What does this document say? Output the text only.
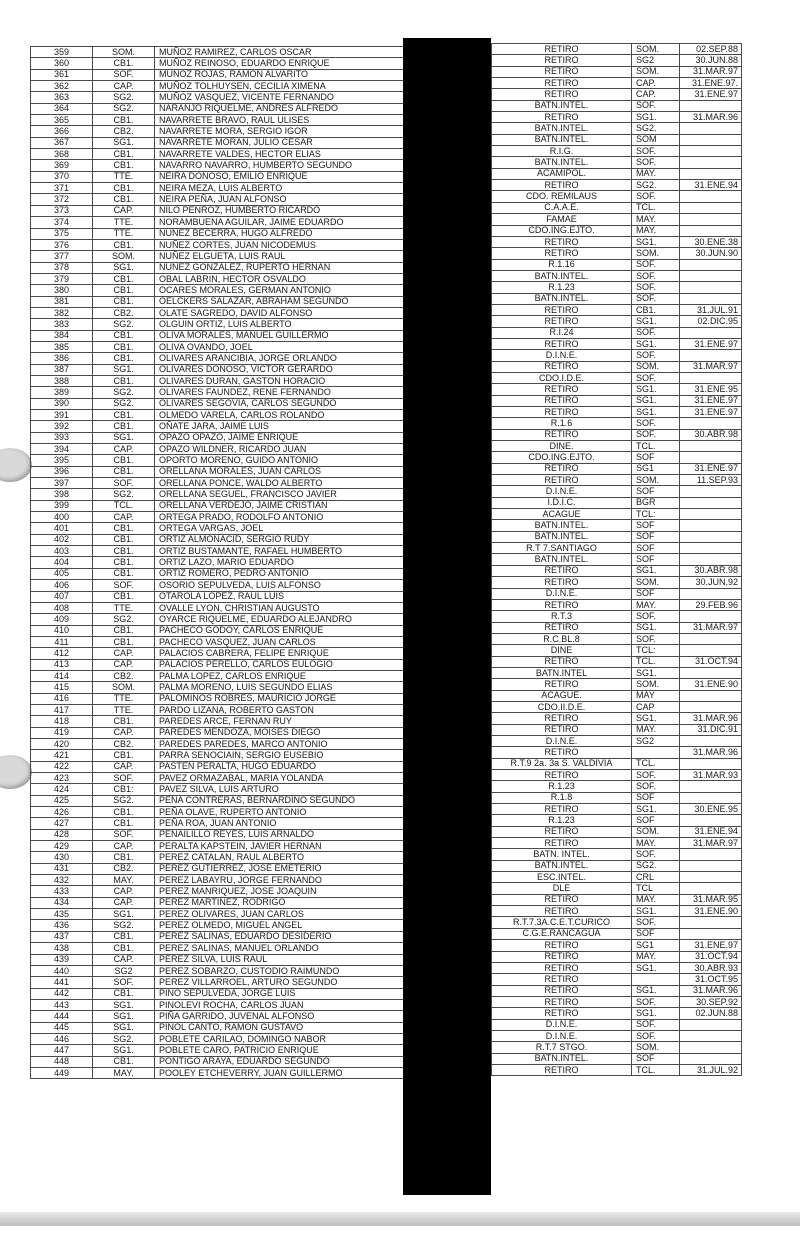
359	SOM.	MUÑOZ RAMIREZ, CARLOS OSCAR
360	CB1.	MUÑOZ REINOSO, EDUARDO ENRIQUE
361	SOF.	MUÑOZ ROJAS, RAMON ALVARITO
362	CAP.	MUÑOZ TOLHUYSEN, CECILIA XIMENA
363	SG2.	MUÑOZ VASQUEZ, VICENTE FERNANDO
364	SG2.	NARANJO RIQUELME, ANDRES ALFREDO
365	CB1.	NAVARRETE BRAVO, RAUL ULISES
366	CB2.	NAVARRETE MORA, SERGIO IGOR
367	SG1.	NAVARRETE MORAN, JULIO CESAR
368	CB1.	NAVARRETE VALDES, HECTOR ELIAS
369	CB1.	NAVARRO NAVARRO, HUMBERTO SEGUNDO
370	TTE.	NEIRA DONOSO, EMILIO ENRIQUE
371	CB1.	NEIRA MEZA, LUIS ALBERTO
372	CB1.	NEIRA PEÑA, JUAN ALFONSO
373	CAP.	NILO PENROZ, HUMBERTO RICARDO
374	TTE.	NORAMBUENA AGUILAR, JAIME EDUARDO
375	TTE.	NUÑEZ BECERRA, HUGO ALFREDO
376	CB1.	NUÑEZ CORTES, JUAN NICODEMUS
377	SOM.	NUÑEZ ELGUETA, LUIS RAUL
378	SG1.	NUÑEZ GONZALEZ, RUPERTO HERNAN
379	CB1.	OBAL LABRIN, HECTOR OSVALDO
380	CB1.	OCARES MORALES, GERMAN ANTONIO
381	CB1.	OELCKERS SALAZAR, ABRAHAM SEGUNDO
382	CB2.	OLATE SAGREDO, DAVID ALFONSO
383	SG2.	OLGUIN ORTIZ, LUIS ALBERTO
384	CB1.	OLIVA MORALES, MANUEL GUILLERMO
385	CB1.	OLIVA OVANDO, JOEL
386	CB1.	OLIVARES ARANCIBIA, JORGE ORLANDO
387	SG1.	OLIVARES DONOSO, VICTOR GERARDO
388	CB1.	OLIVARES DURAN, GASTON HORACIO
389	SG2.	OLIVARES FAUNDEZ, RENE FERNANDO
390	SG2.	OLIVARES SEGOVIA, CARLOS SEGUNDO
391	CB1.	OLMEDO VARELA, CARLOS ROLANDO
392	CB1.	OÑATE JARA, JAIME LUIS
393	SG1.	OPAZO OPAZO, JAIME ENRIQUE
394	CAP.	OPAZO WILDNER, RICARDO JUAN
395	CB1.	OPORTO MORENO, GUIDO ANTONIO
396	CB1.	ORELLANA MORALES, JUAN CARLOS
397	SOF.	ORELLANA PONCE, WALDO ALBERTO
398	SG2.	ORELLANA SEGUEL, FRANCISCO JAVIER
399	TCL.	ORELLANA VERDEJO, JAIME CRISTIAN
400	CAP.	ORTEGA PRADO, RODOLFO ANTONIO
401	CB1.	ORTEGA VARGAS, JOEL
402	CB1.	ORTIZ ALMONACID, SERGIO RUDY
403	CB1.	ORTIZ BUSTAMANTE, RAFAEL HUMBERTO
404	CB1.	ORTIZ LAZO, MARIO EDUARDO
405	CB1.	ORTIZ ROMERO, PEDRO ANTONIO
406	SOF.	OSORIO SEPULVEDA, LUIS ALFONSO
407	CB1.	OTAROLA LOPEZ, RAUL LUIS
408	TTE.	OVALLE LYON, CHRISTIAN AUGUSTO
409	SG2.	OYARCE RIQUELME, EDUARDO ALEJANDRO
410	CB1.	PACHECO GODOY, CARLOS ENRIQUE
411	CB1.	PACHECO VASQUEZ, JUAN CARLOS
412	CAP.	PALACIOS CABRERA, FELIPE ENRIQUE
413	CAP.	PALACIOS PERELLO, CARLOS EULOGIO
414	CB2.	PALMA LOPEZ, CARLOS ENRIQUE
415	SOM.	PALMA MORENO, LUIS SEGUNDO ELIAS
416	TTE.	PALOMINOS ROBRES, MAURICIO JORGE
417	TTE.	PARDO LIZANA, ROBERTO GASTON
418	CB1.	PAREDES ARCE, FERNAN RUY
419	CAP.	PAREDES MENDOZA, MOISES DIEGO
420	CB2.	PAREDES PAREDES, MARCO ANTONIO
421	CB1.	PARRA SENOCIAIN, SERGIO EUSEBIO
422	CAP.	PASTEN PERALTA, HUGO EDUARDO
423	SOF.	PAVEZ ORMAZABAL, MARIA YOLANDA
424	CB1:	PAVEZ SILVA, LUIS ARTURO
425	SG2.	PEÑA CONTRERAS, BERNARDINO SEGUNDO
426	CB1.	PEÑA OLAVE, RUPERTO ANTONIO
427	CB1.	PEÑA ROA, JUAN ANTONIO
428	SOF.	PEÑAILILLO REYES, LUIS ARNALDO
429	CAP.	PERALTA KAPSTEIN, JAVIER HERNAN
430	CB1.	PEREZ CATALAN, RAUL ALBERTO
431	CB2.	PEREZ GUTIERREZ, JOSE EMETERIO
432	MAY.	PEREZ LABAYRU, JORGE FERNANDO
433	CAP.	PEREZ MANRIQUEZ, JOSE JOAQUIN
434	CAP.	PEREZ MARTINEZ, RODRIGO
435	SG1.	PEREZ OLIVARES, JUAN CARLOS
436	SG2.	PEREZ OLMEDO, MIGUEL ANGEL
437	CB1.	PEREZ SALINAS, EDUARDO DESIDERIO
438	CB1.	PEREZ SALINAS, MANUEL ORLANDO
439	CAP.	PEREZ SILVA, LUIS RAUL
440	SG2	PEREZ SOBARZO, CUSTODIO RAIMUNDO
441	SOF.	PEREZ VILLARROEL, ARTURO SEGUNDO
442	CB1.	PINO SEPULVEDA, JORGE LUIS
443	SG1.	PINOLEVI ROCHA, CARLOS JUAN
444	SG1.	PIÑA GARRIDO, JUVENAL ALFONSO
445	SG1.	PIÑOL CANTO, RAMON GUSTAVO
446	SG2.	POBLETE CARILAO, DOMINGO NABOR
447	SG1.	POBLETE CARO, PATRICIO ENRIQUE
448	CB1.	PONTIGO ARAYA, EDUARDO SEGUNDO
449	MAY.	POOLEY ETCHEVERRY, JUAN GUILLERMO
RETIRO	SOM.	02.SEP.88
RETIRO	SG2	30.JUN.88
RETIRO	SOM.	31.MAR.97
RETIRO	CAP.	31.ENE.97.
RETIRO	CAP.	31.ENE.97
BATN.INTEL.	SOF.	
RETIRO	SG1.	31.MAR.96
BATN.INTEL.	SG2.	
BATN.INTEL.	SOM	
R.I.G.	SOF.	
BATN.INTEL.	SOF.	
ACAMIPOL.	MAY.	
RETIRO	SG2.	31.ENE.94
CDO. REMILAUS	SOF.	
C.A.A.E.	TCL.	
FAMAE	MAY.	
CDO.ING.EJTO.	MAY.	
RETIRO	SG1.	30.ENE.38
RETIRO	SOM.	30.JUN.90
R.1.16	SOF.	
BATN.INTEL.	SOF.	
R.1.23	SOF.	
BATN.INTEL.	SOF.	
RETIRO	CB1.	31.JUL.91
RETIRO	SG1.	02.DIC.95
R.I.24	SOF.	
RETIRO	SG1.	31.ENE.97
D.I.N.E.	SOF.	
RETIRO	SOM.	31.MAR.97
CDO.I.D.E.	SOF.	
RETIRO	SG1.	31.ENE.95
RETIRO	SG1.	31.ENE.97
RETIRO	SG1.	31.ENE.97
R.1.6	SOF.	
RETIRO	SOF.	30.ABR.98
DINE.	TCL.	
CDO.ING.EJTO.	SOF	
RETIRO	SG1	31.ENE.97
RETIRO	SOM.	11.SEP.93
D.I.N.E.	SOF	
I.D.I.C.	BGR	
ACAGUE	TCL:	
BATN.INTEL.	SOF	
BATN.INTEL.	SOF	
R.T 7.SANTIAGO	SOF	
BATN.INTEL.	SOF	
RETIRO	SG1.	30.ABR.98
RETIRO	SOM.	30.JUN.92
D.I.N.E.	SOF	
RETIRO	MAY.	29.FEB.96
R.T.3	SOF.	
RETIRO	SG1.	31.MAR.97
R.C.BL.8	SOF.	
DINE	TCL:	
RETIRO	TCL.	31.OCT.94
BATN.INTEL	SG1.	
RETIRO	SOM.	31.ENE.90
ACAGUE.	MAY	
CDO.II.D.E.	CAP	
RETIRO	SG1.	31.MAR.96
RETIRO	MAY.	31.DIC.91
D.I.N.E.	SG2	
RETIRO		31.MAR.96
R.T.9 2a. 3a S. VALDIVIA	TCL.	
RETIRO	SOF.	31.MAR.93
R.1.23	SOF.	
R.1.8	SOF	
RETIRO	SG1.	30.ENE.95
R.1.23	SOF	
RETIRO	SOM.	31.ENE.94
RETIRO	MAY.	31.MAR.97
BATN. INTEL.	SOF.	
BATN.INTEL.	SG2.	
ESC.INTEL.	CRL	
DLE	TCL	
RETIRO	MAY.	31.MAR.95
RETIRO	SG1.	31.ENE.90
R.T.7.3A.C.E.T.CURICO	SOF.	
C.G.E.RANCAGUA	SOF	
RETIRO	SG1	31.ENE.97
RETIRO	MAY.	31.OCT.94
RETIRO	SG1.	30.ABR.93
RETIRO		31.OCT.95
RETIRO	SG1.	31.MAR.96
RETIRO	SOF.	30.SEP.92
RETIRO	SG1.	02.JUN.88
D.I.N.E.	SOF.	
D.I.N.E.	SOF.	
R.T.7 STGO.	SOM.	
BATN.INTEL.	SOF	
RETIRO	TCL.	31.JUL.92
